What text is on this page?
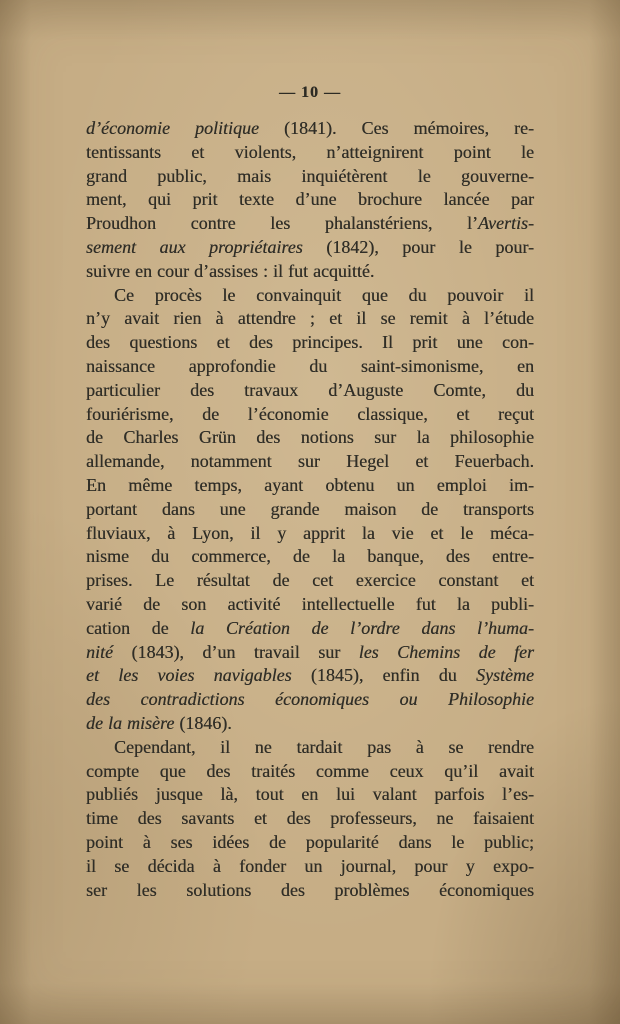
— 10 —
d’économie politique (1841). Ces mémoires, re-
tentissants et violents, n’atteignirent point le
grand public, mais inquiétèrent le gouverne-
ment, qui prit texte d’une brochure lancée par
Proudhon contre les phalanstériens, l’Avertis-
sement aux propriétaires (1842), pour le pour-
suivre en cour d’assises : il fut acquitté.
Ce procès le convainquit que du pouvoir il
n’y avait rien à attendre ; et il se remit à l’étude
des questions et des principes. Il prit une con-
naissance approfondie du saint-simonisme, en
particulier des travaux d’Auguste Comte, du
fouriérisme, de l’économie classique, et reçut
de Charles Grün des notions sur la philosophie
allemande, notamment sur Hegel et Feuerbach.
En même temps, ayant obtenu un emploi im-
portant dans une grande maison de transports
fluviaux, à Lyon, il y apprit la vie et le méca-
nisme du commerce, de la banque, des entre-
prises. Le résultat de cet exercice constant et
varié de son activité intellectuelle fut la publi-
cation de la Création de l’ordre dans l’huma-
nité (1843), d’un travail sur les Chemins de fer
et les voies navigables (1845), enfin du Système
des contradictions économiques ou Philosophie
de la misère (1846).
Cependant, il ne tardait pas à se rendre
compte que des traités comme ceux qu’il avait
publiés jusque là, tout en lui valant parfois l’es-
time des savants et des professeurs, ne faisaient
point à ses idées de popularité dans le public;
il se décida à fonder un journal, pour y expo-
ser les solutions des problèmes économiques
